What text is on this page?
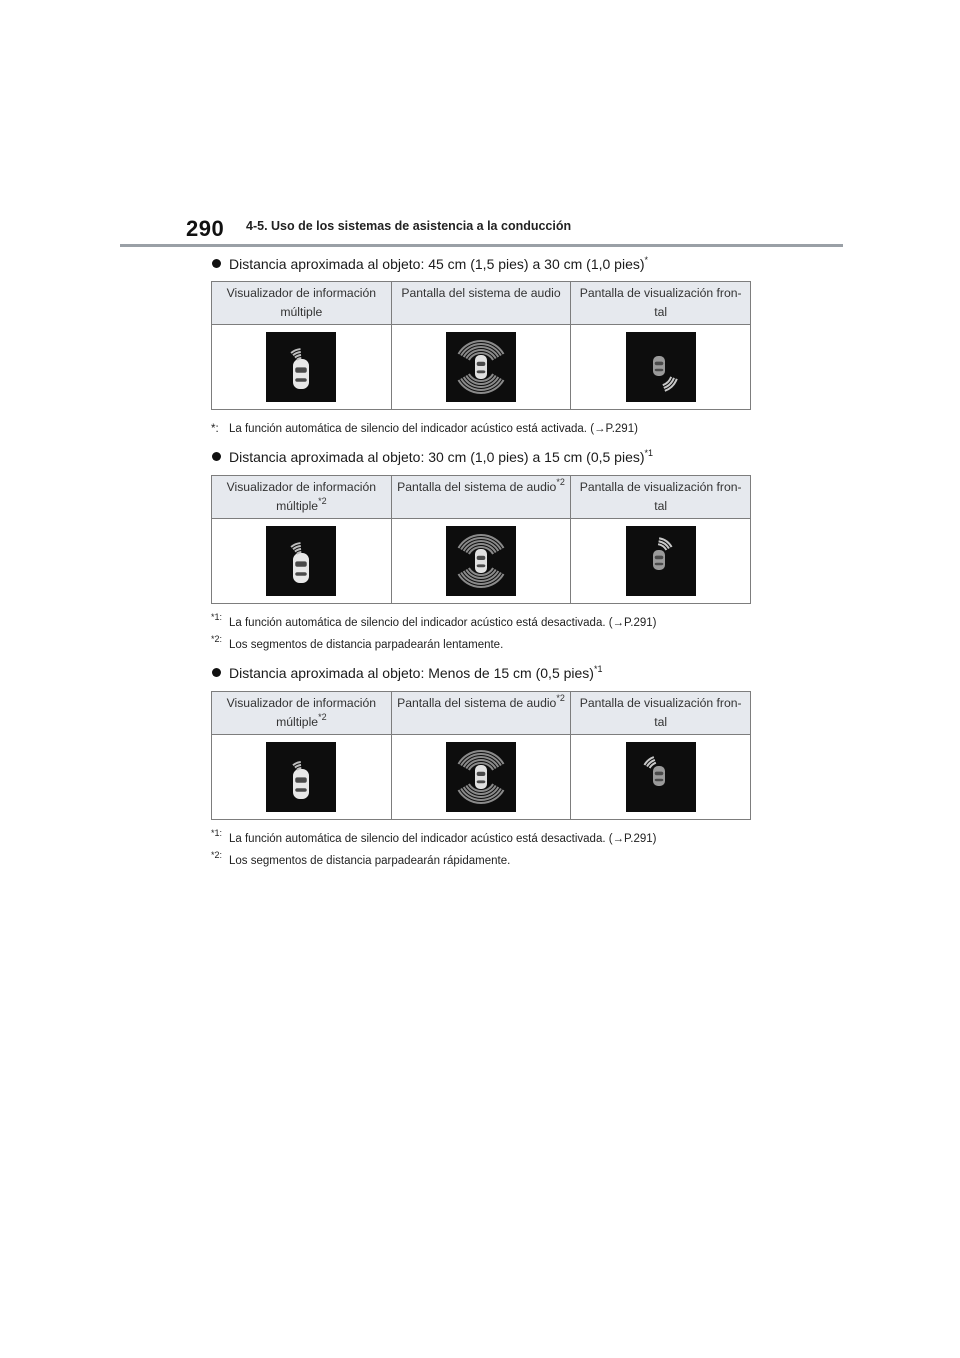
290 4-5. Uso de los sistemas de asistencia a la conducción
Distancia aproximada al objeto: 45 cm (1,5 pies) a 30 cm (1,0 pies)*
Visualizador de información múltiple	Pantalla del sistema de audio	Pantalla de visualización fron-tal

*: La función automática de silencio del indicador acústico está activada. (→P.291)
Distancia aproximada al objeto: 30 cm (1,0 pies) a 15 cm (0,5 pies)$^{*1}$
Visualizador de información múltiple$^{*2}$	Pantalla del sistema de audio$^{*2}$	Pantalla de visualización fron-tal

$^{*1:}$ La función automática de silencio del indicador acústico está desactivada. (→P.291)
$^{*2:}$ Los segmentos de distancia parpadearán lentamente.
Distancia aproximada al objeto: Menos de 15 cm (0,5 pies)$^{*1}$
Visualizador de información múltiple$^{*2}$	Pantalla del sistema de audio$^{*2}$	Pantalla de visualización fron-tal

$^{*1:}$ La función automática de silencio del indicador acústico está desactivada. (→P.291)
$^{*2:}$ Los segmentos de distancia parpadearán rápidamente.
